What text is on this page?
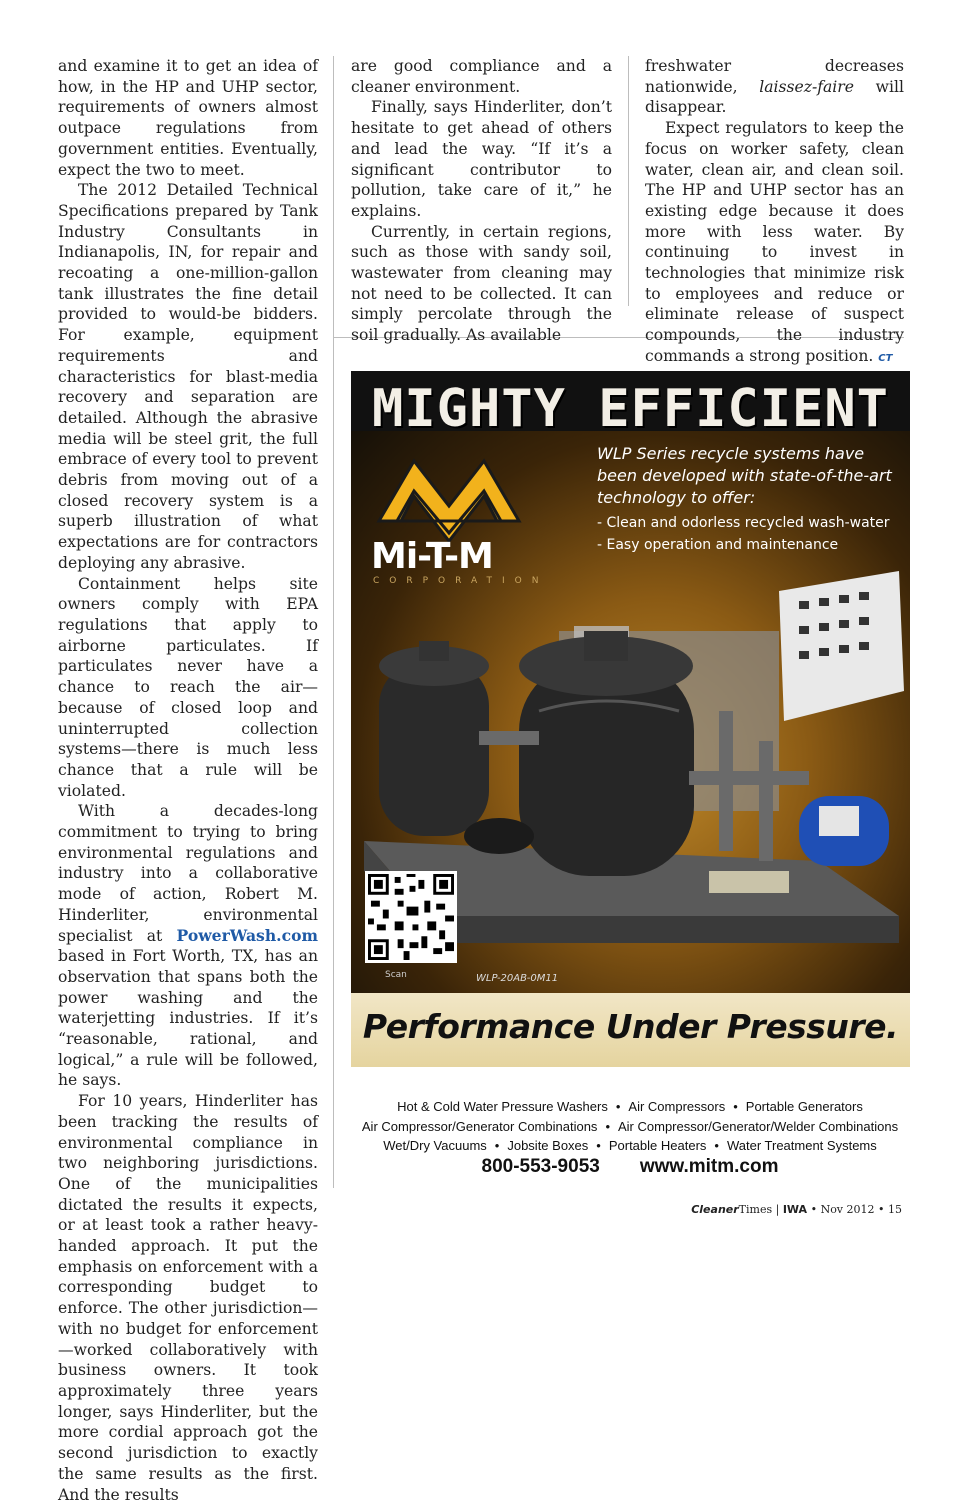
and examine it to get an idea of how, in the HP and UHP sector, requirements of owners almost outpace regulations from government entities. Eventually, expect the two to meet.

The 2012 Detailed Technical Specifications prepared by Tank Industry Consultants in Indianapolis, IN, for repair and recoating a one-million-gallon tank illustrates the fine detail provided to would-be bidders. For example, equipment requirements and characteristics for blast-media recovery and separation are detailed. Although the abrasive media will be steel grit, the full embrace of every tool to prevent debris from moving out of a closed recovery system is a superb illustration of what expectations are for contractors deploying any abrasive.

Containment helps site owners comply with EPA regulations that apply to airborne particulates. If particulates never have a chance to reach the air—because of closed loop and uninterrupted collection systems—there is much less chance that a rule will be violated.

With a decades-long commitment to trying to bring environmental regulations and industry into a collaborative mode of action, Robert M. Hinderliter, environmental specialist at PowerWash.com based in Fort Worth, TX, has an observation that spans both the power washing and the waterjetting industries. If it’s “reasonable, rational, and logical,” a rule will be followed, he says.

For 10 years, Hinderliter has been tracking the results of environmental compliance in two neighboring jurisdictions. One of the municipalities dictated the results it expects, or at least took a rather heavy-handed approach. It put the emphasis on enforcement with a corresponding budget to enforce. The other jurisdiction—with no budget for enforcement—worked collaboratively with business owners. It took approximately three years longer, says Hinderliter, but the more cordial approach got the second jurisdiction to exactly the same results as the first. And the results

are good compliance and a cleaner environment.

Finally, says Hinderliter, don’t hesitate to get ahead of others and lead the way. “If it’s a significant contributor to pollution, take care of it,” he explains.

Currently, in certain regions, such as those with sandy soil, wastewater from cleaning may not need to be collected. It can simply percolate through the soil gradually. As available

freshwater decreases nationwide, laissez-faire will disappear.

Expect regulators to keep the focus on worker safety, clean water, clean air, and clean soil. The HP and UHP sector has an existing edge because it does more with less water. By continuing to invest in technologies that minimize risk to employees and reduce or eliminate release of suspect compounds, the industry commands a strong position. CT

MIGHTY EFFICIENT
Mi-T-M
CORPORATION

WLP Series recycle systems have been developed with state-of-the-art technology to offer:

- Clean and odorless recycled wash-water
- Easy operation and maintenance
Scan	WLP-20AB-0M11
Performance Under Pressure.
Hot & Cold Water Pressure Washers • Air Compressors • Portable Generators
Air Compressor/Generator Combinations • Air Compressor/Generator/Welder Combinations
Wet/Dry Vacuums • Jobsite Boxes • Portable Heaters • Water Treatment Systems
800-553-9053 www.mitm.com
CleanerTimes | IWA • Nov 2012 • 15
